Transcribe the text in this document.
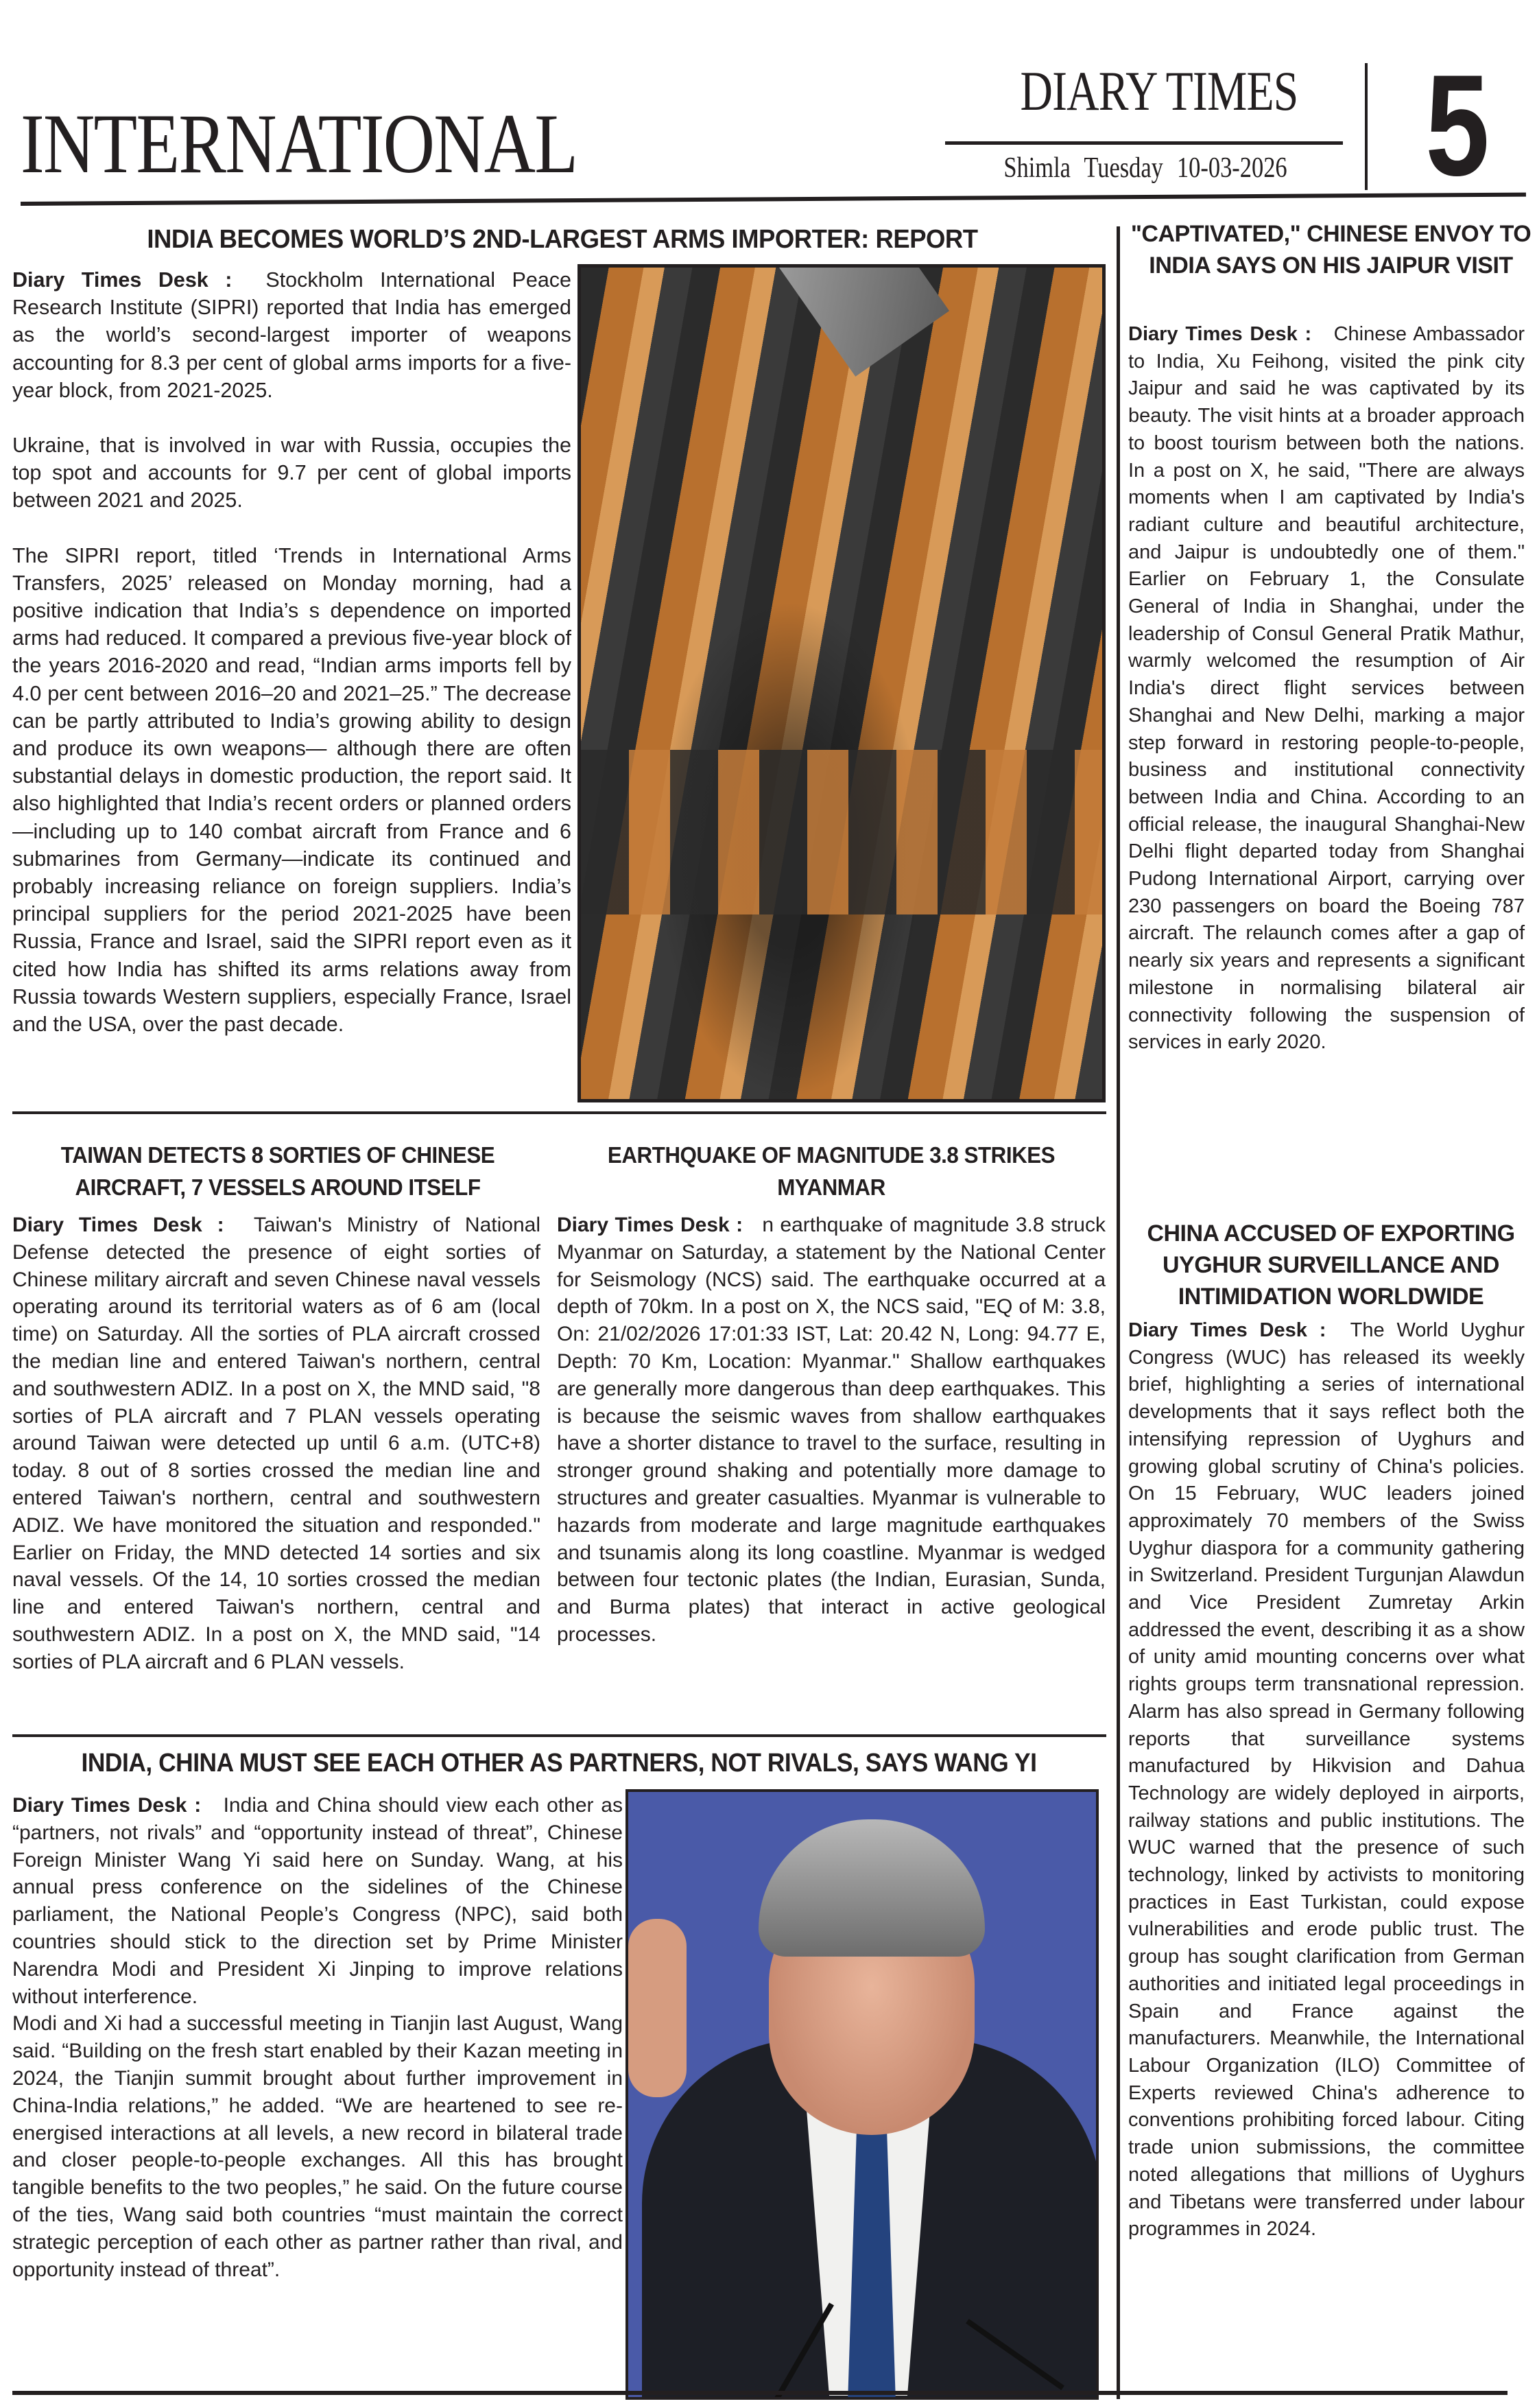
INTERNATIONAL
DIARY TIMES
Shimla Tuesday 10-03-2026 5
INDIA BECOMES WORLD’S 2ND-LARGEST ARMS IMPORTER: REPORT

Diary Times Desk : Stockholm International Peace Research Institute (SIPRI) reported that India has emerged as the world’s second-largest importer of weapons accounting for 8.3 per cent of global arms imports for a five-year block, from 2021-2025.

Ukraine, that is involved in war with Russia, occupies the top spot and accounts for 9.7 per cent of global imports between 2021 and 2025.

The SIPRI report, titled ‘Trends in International Arms Transfers, 2025’ released on Monday morning, had a positive indication that India’s s dependence on imported arms had reduced. It compared a previous five-year block of the years 2016-2020 and read, “Indian arms imports fell by 4.0 per cent between 2016–20 and 2021–25.” The decrease can be partly attributed to India’s growing ability to design and produce its own weapons— although there are often substantial delays in domestic production, the report said. It also highlighted that India’s recent orders or planned orders—including up to 140 combat aircraft from France and 6 submarines from Germany—indicate its continued and probably increasing reliance on foreign suppliers. India’s principal suppliers for the period 2021-2025 have been Russia, France and Israel, said the SIPRI report even as it cited how India has shifted its arms relations away from Russia towards Western suppliers, especially France, Israel and the USA, over the past decade.

"CAPTIVATED," CHINESE ENVOY TO INDIA SAYS ON HIS JAIPUR VISIT

Diary Times Desk : Chinese Ambassador to India, Xu Feihong, visited the pink city Jaipur and said he was captivated by its beauty. The visit hints at a broader approach to boost tourism between both the nations. In a post on X, he said, "There are always moments when I am captivated by India's radiant culture and beautiful architecture, and Jaipur is undoubtedly one of them." Earlier on February 1, the Consulate General of India in Shanghai, under the leadership of Consul General Pratik Mathur, warmly welcomed the resumption of Air India's direct flight services between Shanghai and New Delhi, marking a major step forward in restoring people-to-people, business and institutional connectivity between India and China. According to an official release, the inaugural Shanghai-New Delhi flight departed today from Shanghai Pudong International Airport, carrying over 230 passengers on board the Boeing 787 aircraft. The relaunch comes after a gap of nearly six years and represents a significant milestone in normalising bilateral air connectivity following the suspension of services in early 2020.

CHINA ACCUSED OF EXPORTING UYGHUR SURVEILLANCE AND INTIMIDATION WORLDWIDE

Diary Times Desk : The World Uyghur Congress (WUC) has released its weekly brief, highlighting a series of international developments that it says reflect both the intensifying repression of Uyghurs and growing global scrutiny of China's policies. On 15 February, WUC leaders joined approximately 70 members of the Swiss Uyghur diaspora for a community gathering in Switzerland. President Turgunjan Alawdun and Vice President Zumretay Arkin addressed the event, describing it as a show of unity amid mounting concerns over what rights groups term transnational repression. Alarm has also spread in Germany following reports that surveillance systems manufactured by Hikvision and Dahua Technology are widely deployed in airports, railway stations and public institutions. The WUC warned that the presence of such technology, linked by activists to monitoring practices in East Turkistan, could expose vulnerabilities and erode public trust. The group has sought clarification from German authorities and initiated legal proceedings in Spain and France against the manufacturers. Meanwhile, the International Labour Organization (ILO) Committee of Experts reviewed China's adherence to conventions prohibiting forced labour. Citing trade union submissions, the committee noted allegations that millions of Uyghurs and Tibetans were transferred under labour programmes in 2024.

TAIWAN DETECTS 8 SORTIES OF CHINESE AIRCRAFT, 7 VESSELS AROUND ITSELF

Diary Times Desk : Taiwan's Ministry of National Defense detected the presence of eight sorties of Chinese military aircraft and seven Chinese naval vessels operating around its territorial waters as of 6 am (local time) on Saturday. All the sorties of PLA aircraft crossed the median line and entered Taiwan's northern, central and southwestern ADIZ. In a post on X, the MND said, "8 sorties of PLA aircraft and 7 PLAN vessels operating around Taiwan were detected up until 6 a.m. (UTC+8) today. 8 out of 8 sorties crossed the median line and entered Taiwan's northern, central and southwestern ADIZ. We have monitored the situation and responded." Earlier on Friday, the MND detected 14 sorties and six naval vessels. Of the 14, 10 sorties crossed the median line and entered Taiwan's northern, central and southwestern ADIZ. In a post on X, the MND said, "14 sorties of PLA aircraft and 6 PLAN vessels.

EARTHQUAKE OF MAGNITUDE 3.8 STRIKES MYANMAR

Diary Times Desk : n earthquake of magnitude 3.8 struck Myanmar on Saturday, a statement by the National Center for Seismology (NCS) said. The earthquake occurred at a depth of 70km. In a post on X, the NCS said, "EQ of M: 3.8, On: 21/02/2026 17:01:33 IST, Lat: 20.42 N, Long: 94.77 E, Depth: 70 Km, Location: Myanmar." Shallow earthquakes are generally more dangerous than deep earthquakes. This is because the seismic waves from shallow earthquakes have a shorter distance to travel to the surface, resulting in stronger ground shaking and potentially more damage to structures and greater casualties. Myanmar is vulnerable to hazards from moderate and large magnitude earthquakes and tsunamis along its long coastline. Myanmar is wedged between four tectonic plates (the Indian, Eurasian, Sunda, and Burma plates) that interact in active geological processes.

INDIA, CHINA MUST SEE EACH OTHER AS PARTNERS, NOT RIVALS, SAYS WANG YI

Diary Times Desk : India and China should view each other as “partners, not rivals” and “opportunity instead of threat”, Chinese Foreign Minister Wang Yi said here on Sunday. Wang, at his annual press conference on the sidelines of the Chinese parliament, the National People’s Congress (NPC), said both countries should stick to the direction set by Prime Minister Narendra Modi and President Xi Jinping to improve relations without interference.

Modi and Xi had a successful meeting in Tianjin last August, Wang said. “Building on the fresh start enabled by their Kazan meeting in 2024, the Tianjin summit brought about further improvement in China-India relations,” he added. “We are heartened to see re-energised interactions at all levels, a new record in bilateral trade and closer people-to-people exchanges. All this has brought tangible benefits to the two peoples,” he said. On the future course of the ties, Wang said both countries “must maintain the correct strategic perception of each other as partner rather than rival, and opportunity instead of threat”.
